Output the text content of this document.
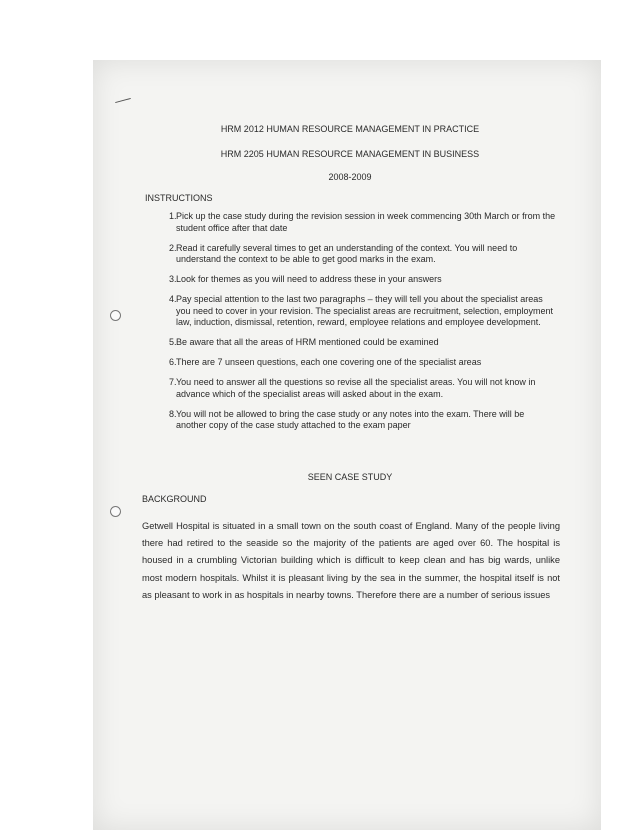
HRM 2012 HUMAN RESOURCE MANAGEMENT IN PRACTICE

HRM 2205 HUMAN RESOURCE MANAGEMENT IN BUSINESS

2008-2009

INSTRUCTIONS
1. Pick up the case study during the revision session in week commencing 30th March or from the student office after that date
2. Read it carefully several times to get an understanding of the context. You will need to understand the context to be able to get good marks in the exam.
3. Look for themes as you will need to address these in your answers
4. Pay special attention to the last two paragraphs – they will tell you about the specialist areas you need to cover in your revision. The specialist areas are recruitment, selection, employment law, induction, dismissal, retention, reward, employee relations and employee development.
5. Be aware that all the areas of HRM mentioned could be examined
6. There are 7 unseen questions, each one covering one of the specialist areas
7. You need to answer all the questions so revise all the specialist areas. You will not know in advance which of the specialist areas will asked about in the exam.
8. You will not be allowed to bring the case study or any notes into the exam. There will be another copy of the case study attached to the exam paper
SEEN CASE STUDY
BACKGROUND

Getwell Hospital is situated in a small town on the south coast of England. Many of the people living there had retired to the seaside so the majority of the patients are aged over 60. The hospital is housed in a crumbling Victorian building which is difficult to keep clean and has big wards, unlike most modern hospitals. Whilst it is pleasant living by the sea in the summer, the hospital itself is not as pleasant to work in as hospitals in nearby towns. Therefore there are a number of serious issues
